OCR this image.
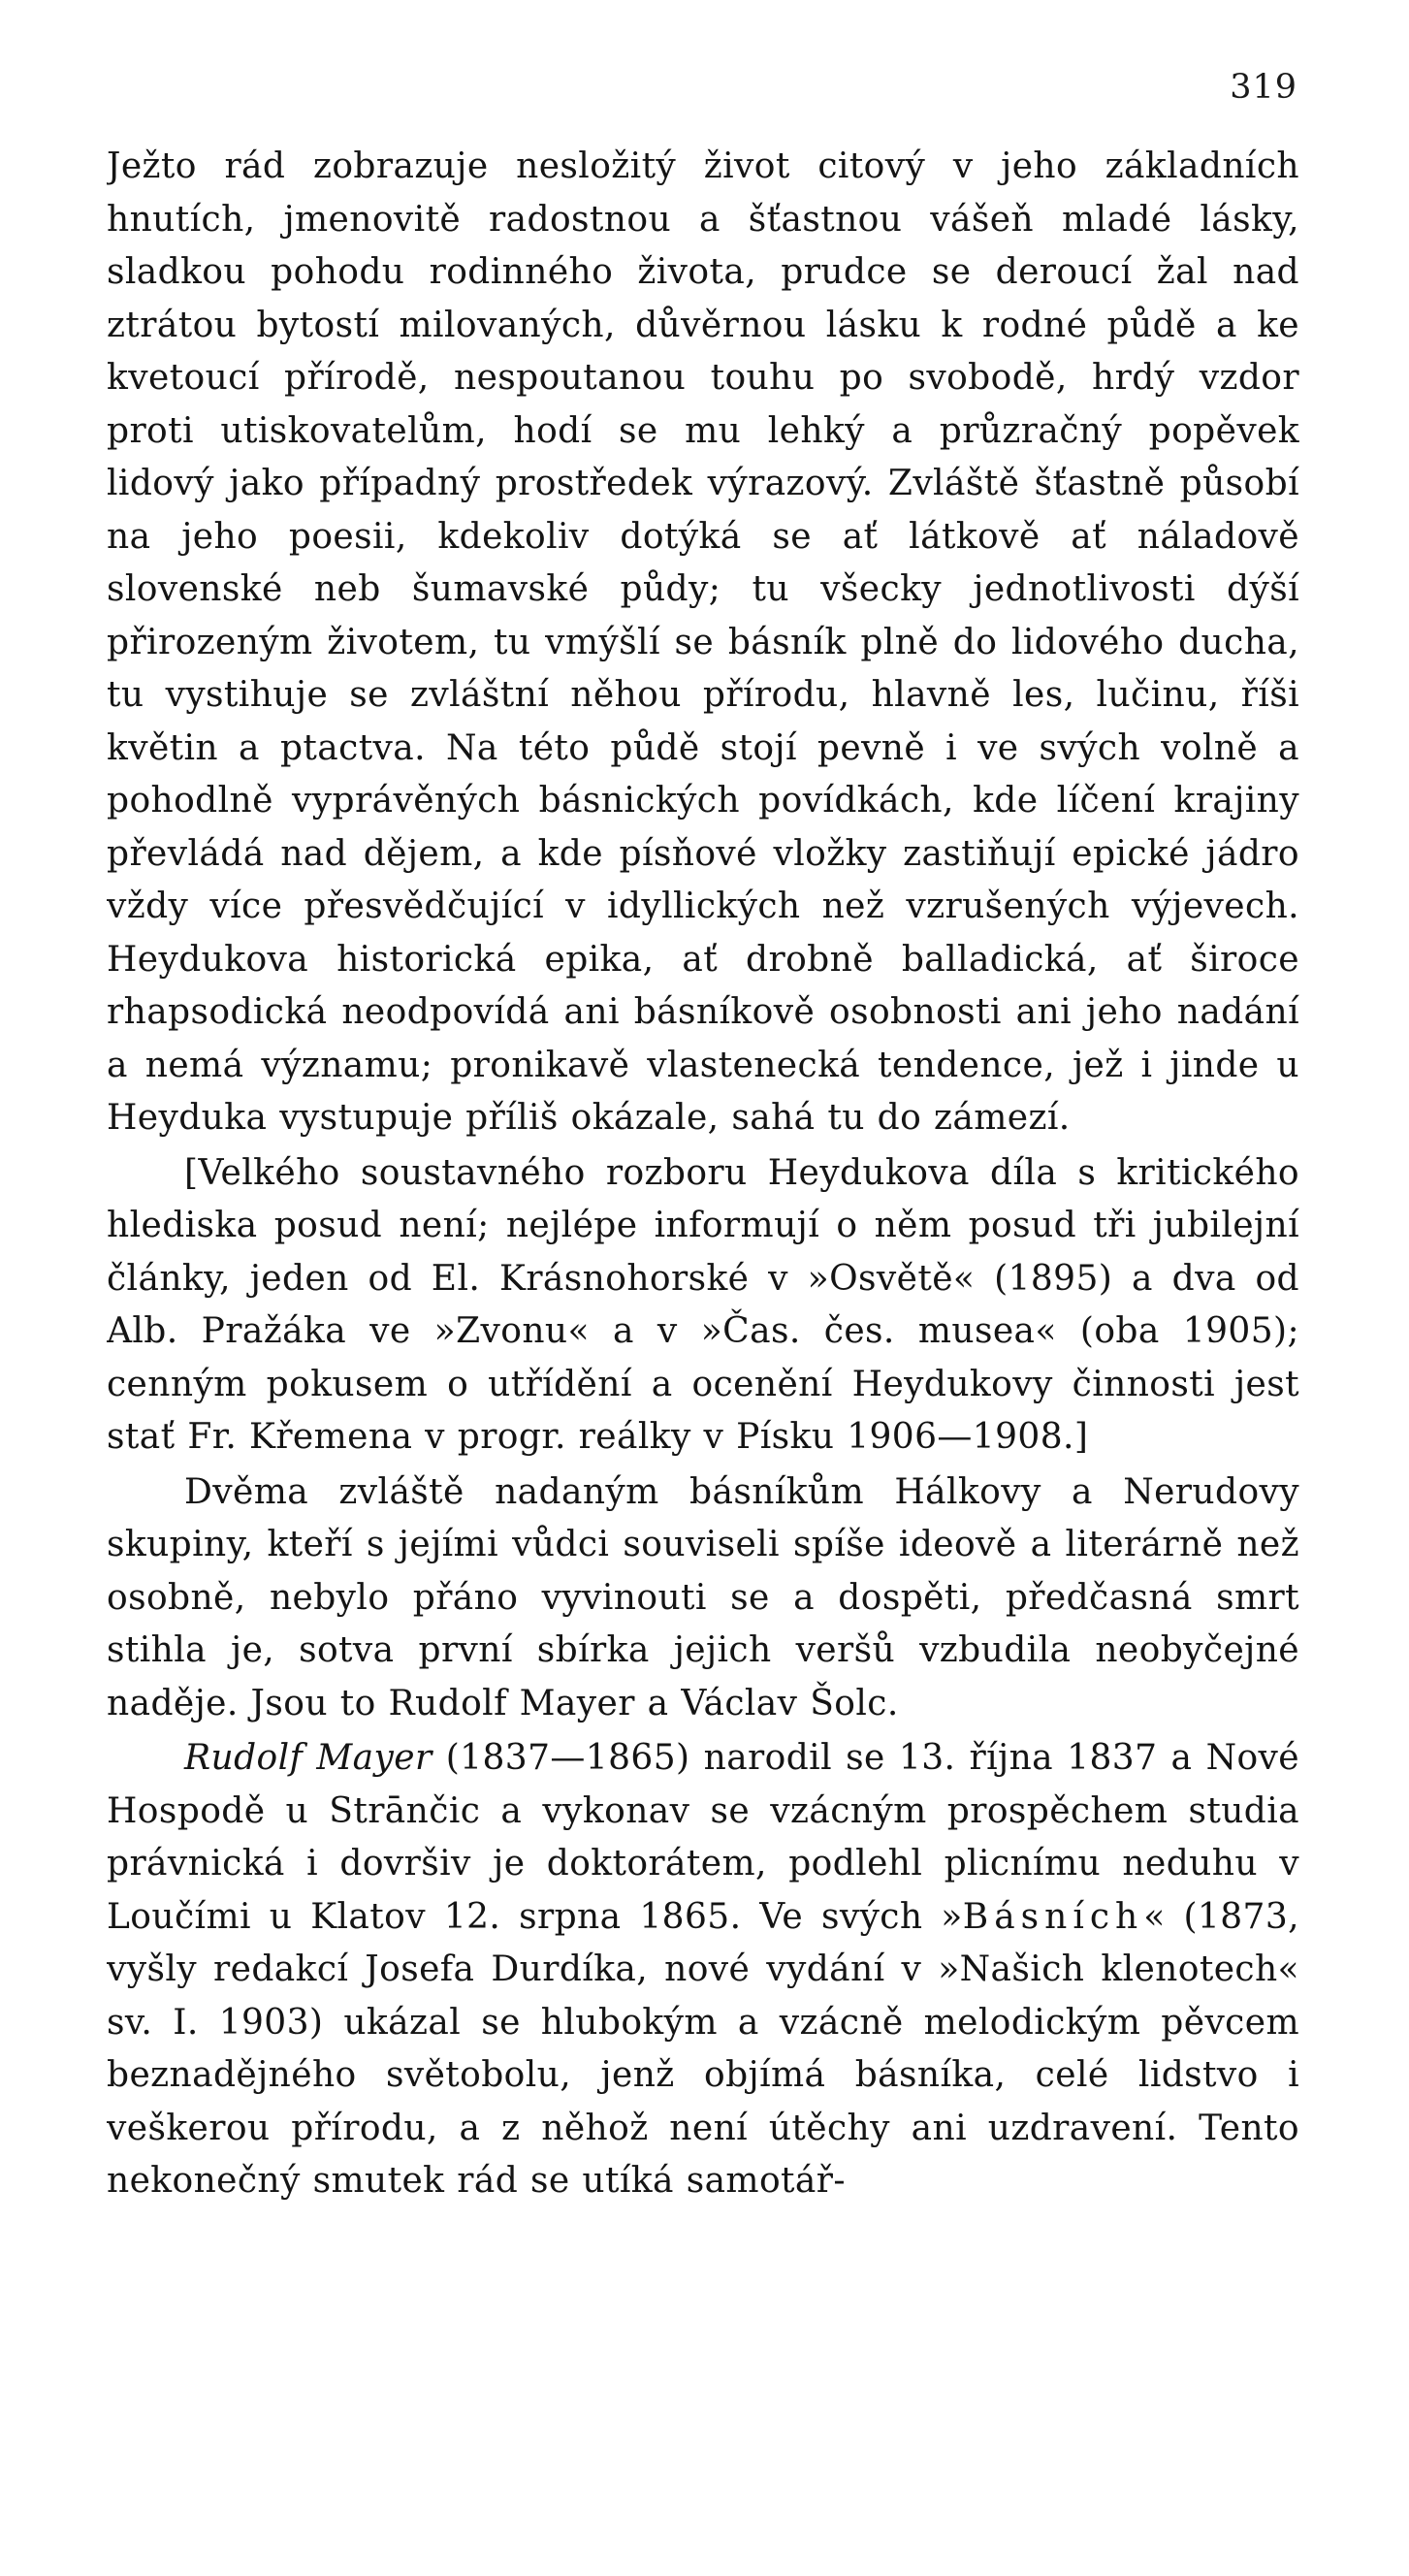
319

Ježto rád zobrazuje nesložitý život citový v jeho základních hnutích, jmenovitě radostnou a šťastnou vášeň mladé lásky, sladkou pohodu rodinného života, prudce se deroucí žal nad ztrátou bytostí milovaných, důvěrnou lásku k rodné půdě a ke kvetoucí přírodě, nespoutanou touhu po svobodě, hrdý vzdor proti utiskovatelům, hodí se mu lehký a průzračný popěvek lidový jako případný prostředek výrazový. Zvláště šťastně působí na jeho poesii, kdekoliv dotýká se ať látkově ať náladově slovenské neb šumavské půdy; tu všecky jednotlivosti dýší přirozeným životem, tu vmýšlí se básník plně do lidového ducha, tu vystihuje se zvláštní něhou přírodu, hlavně les, lučinu, říši květin a ptactva. Na této půdě stojí pevně i ve svých volně a pohodlně vyprávěných básnických povídkách, kde líčení krajiny převládá nad dějem, a kde písňové vložky zastiňují epické jádro vždy více přesvědčující v idyllických než vzrušených výjevech. Heydukova historická epika, ať drobně balladická, ať široce rhapsodická neodpovídá ani básníkově osobnosti ani jeho nadání a nemá významu; pronikavě vlastenecká tendence, jež i jinde u Heyduka vystupuje příliš okázale, sahá tu do zámezí.

[Velkého soustavného rozboru Heydukova díla s kritického hlediska posud není; nejlépe informují o něm posud tři jubilejní články, jeden od El. Krásnohorské v »Osvětě« (1895) a dva od Alb. Pražáka ve »Zvonu« a v »Čas. čes. musea« (oba 1905); cenným pokusem o utřídění a ocenění Heydukovy činnosti jest stať Fr. Křemena v progr. reálky v Písku 1906—1908.]

Dvěma zvláště nadaným básníkům Hálkovy a Nerudovy skupiny, kteří s jejími vůdci souviseli spíše ideově a literárně než osobně, nebylo přáno vyvinouti se a dospěti, předčasná smrt stihla je, sotva první sbírka jejich veršů vzbudila neobyčejné naděje. Jsou to Rudolf Mayer a Václav Šolc.

Rudolf Mayer (1837—1865) narodil se 13. října 1837 a Nové Hospodě u Strānčic a vykonav se vzácným prospěchem studia právnická i dovršiv je doktorátem, podlehl plicnímu neduhu v Loučími u Klatov 12. srpna 1865. Ve svých »Básních« (1873, vyšly redakcí Josefa Durdíka, nové vydání v »Našich klenotech« sv. I. 1903) ukázal se hlubokým a vzácně melodickým pěvcem beznadějného světobolu, jenž objímá básníka, celé lidstvo i veškerou přírodu, a z něhož není útěchy ani uzdravení. Tento nekonečný smutek rád se utíká samotář-
